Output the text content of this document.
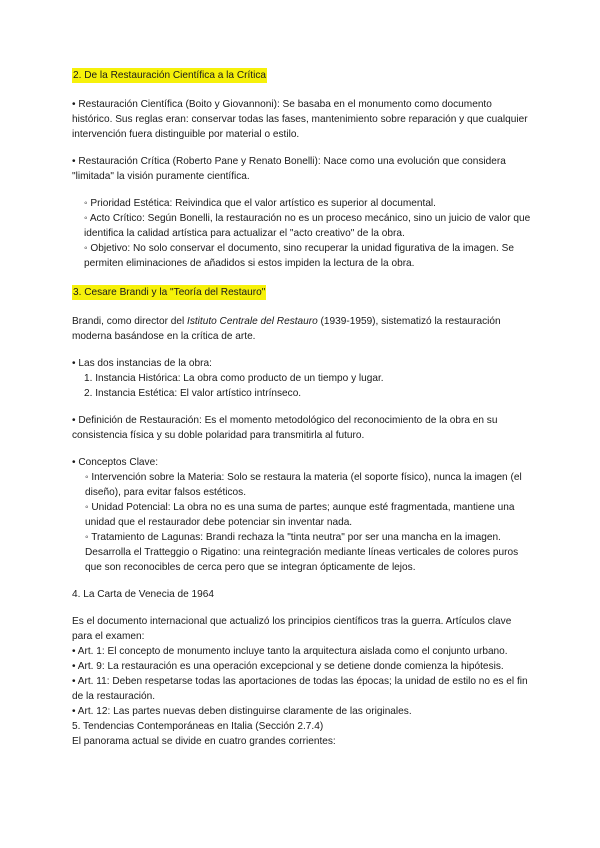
2. De la Restauración Científica a la Crítica

• Restauración Científica (Boito y Giovannoni): Se basaba en el monumento como documento histórico. Sus reglas eran: conservar todas las fases, mantenimiento sobre reparación y que cualquier intervención fuera distinguible por material o estilo.

• Restauración Crítica (Roberto Pane y Renato Bonelli): Nace como una evolución que considera "limitada" la visión puramente científica.

◦ Prioridad Estética: Reivindica que el valor artístico es superior al documental.

◦ Acto Crítico: Según Bonelli, la restauración no es un proceso mecánico, sino un juicio de valor que identifica la calidad artística para actualizar el "acto creativo" de la obra.

◦ Objetivo: No solo conservar el documento, sino recuperar la unidad figurativa de la imagen. Se permiten eliminaciones de añadidos si estos impiden la lectura de la obra.

3. Cesare Brandi y la "Teoría del Restauro"

Brandi, como director del Istituto Centrale del Restauro (1939-1959), sistematizó la restauración moderna basándose en la crítica de arte.

• Las dos instancias de la obra:

1. Instancia Histórica: La obra como producto de un tiempo y lugar.

2. Instancia Estética: El valor artístico intrínseco.

• Definición de Restauración: Es el momento metodológico del reconocimiento de la obra en su consistencia física y su doble polaridad para transmitirla al futuro.

• Conceptos Clave:

◦ Intervención sobre la Materia: Solo se restaura la materia (el soporte físico), nunca la imagen (el diseño), para evitar falsos estéticos.

◦ Unidad Potencial: La obra no es una suma de partes; aunque esté fragmentada, mantiene una unidad que el restaurador debe potenciar sin inventar nada.

◦ Tratamiento de Lagunas: Brandi rechaza la "tinta neutra" por ser una mancha en la imagen. Desarrolla el Tratteggio o Rigatino: una reintegración mediante líneas verticales de colores puros que son reconocibles de cerca pero que se integran ópticamente de lejos.

4. La Carta de Venecia de 1964

Es el documento internacional que actualizó los principios científicos tras la guerra. Artículos clave para el examen:

• Art. 1: El concepto de monumento incluye tanto la arquitectura aislada como el conjunto urbano.

• Art. 9: La restauración es una operación excepcional y se detiene donde comienza la hipótesis.

• Art. 11: Deben respetarse todas las aportaciones de todas las épocas; la unidad de estilo no es el fin de la restauración.

• Art. 12: Las partes nuevas deben distinguirse claramente de las originales.

5. Tendencias Contemporáneas en Italia (Sección 2.7.4)

El panorama actual se divide en cuatro grandes corrientes:
